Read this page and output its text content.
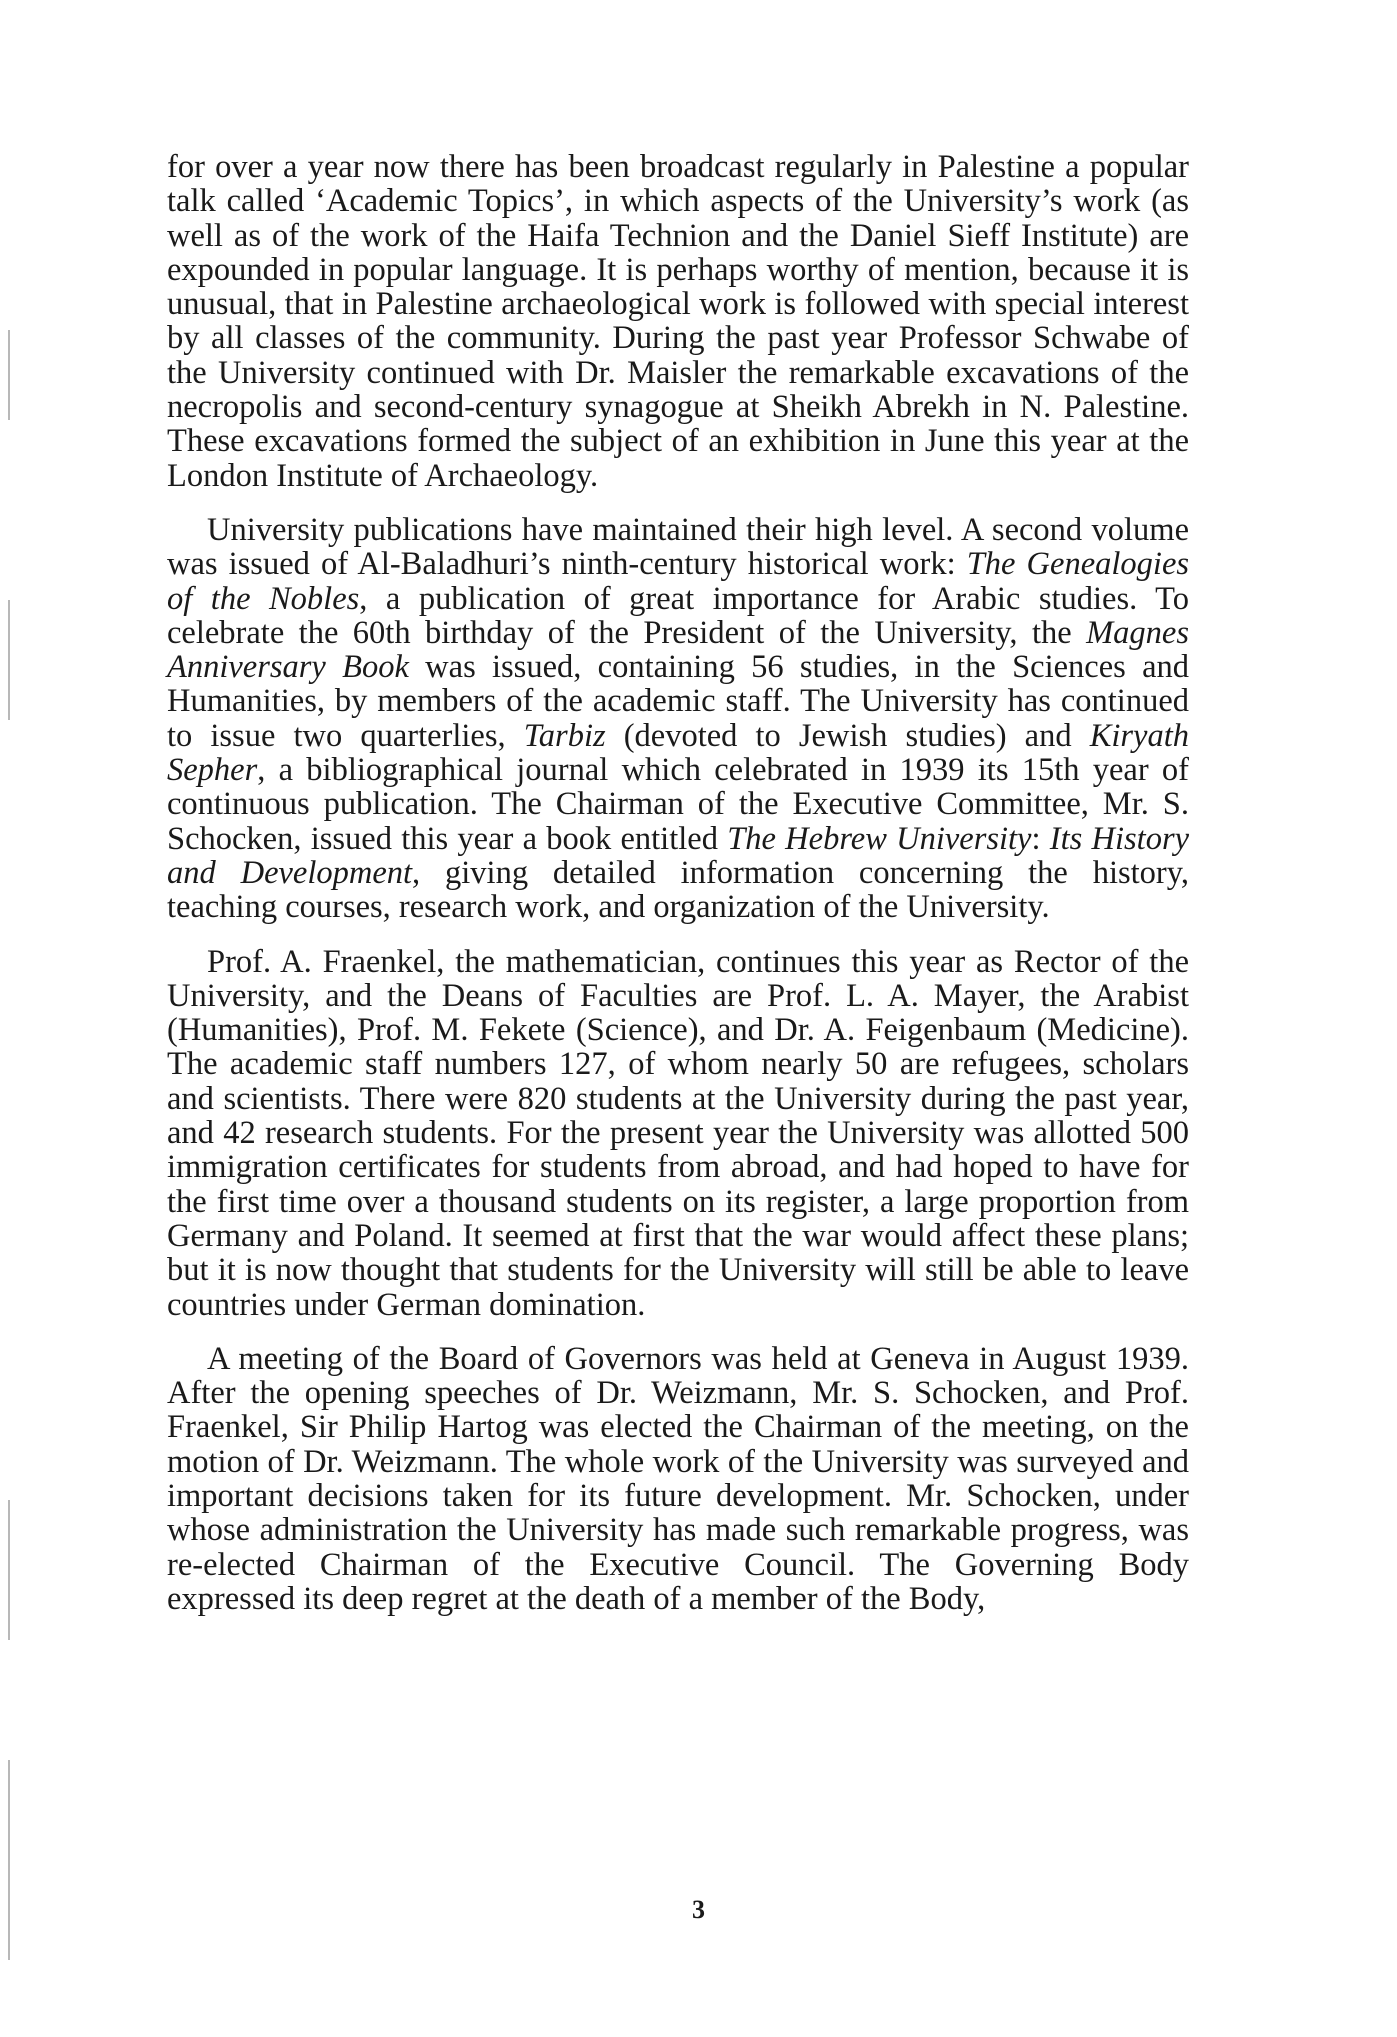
for over a year now there has been broadcast regularly in Palestine a popular talk called ‘Academic Topics’, in which aspects of the University’s work (as well as of the work of the Haifa Technion and the Daniel Sieff Institute) are expounded in popular language. It is perhaps worthy of mention, because it is unusual, that in Palestine archaeological work is followed with special interest by all classes of the community. During the past year Professor Schwabe of the University continued with Dr. Maisler the remarkable excavations of the necropolis and second-century synagogue at Sheikh Abrekh in N. Palestine. These excavations formed the subject of an exhibition in June this year at the London Institute of Archaeology.

University publications have maintained their high level. A second volume was issued of Al-Baladhuri’s ninth-century historical work: The Genealogies of the Nobles, a publication of great importance for Arabic studies. To celebrate the 60th birthday of the President of the University, the Magnes Anniversary Book was issued, containing 56 studies, in the Sciences and Humanities, by members of the academic staff. The University has continued to issue two quarterlies, Tarbiz (devoted to Jewish studies) and Kiryath Sepher, a bibliographical journal which celebrated in 1939 its 15th year of continuous publication. The Chairman of the Executive Committee, Mr. S. Schocken, issued this year a book entitled The Hebrew University: Its History and Development, giving detailed information concerning the history, teaching courses, research work, and organization of the University.

Prof. A. Fraenkel, the mathematician, continues this year as Rector of the University, and the Deans of Faculties are Prof. L. A. Mayer, the Arabist (Humanities), Prof. M. Fekete (Science), and Dr. A. Feigenbaum (Medicine). The academic staff numbers 127, of whom nearly 50 are refugees, scholars and scientists. There were 820 students at the University during the past year, and 42 research students. For the present year the University was allotted 500 immigration certificates for students from abroad, and had hoped to have for the first time over a thousand students on its register, a large proportion from Germany and Poland. It seemed at first that the war would affect these plans; but it is now thought that students for the University will still be able to leave countries under German domination.

A meeting of the Board of Governors was held at Geneva in August 1939. After the opening speeches of Dr. Weizmann, Mr. S. Schocken, and Prof. Fraenkel, Sir Philip Hartog was elected the Chairman of the meeting, on the motion of Dr. Weizmann. The whole work of the University was surveyed and important decisions taken for its future development. Mr. Schocken, under whose administration the University has made such remarkable progress, was re-elected Chairman of the Executive Council. The Governing Body expressed its deep regret at the death of a member of the Body,

3
